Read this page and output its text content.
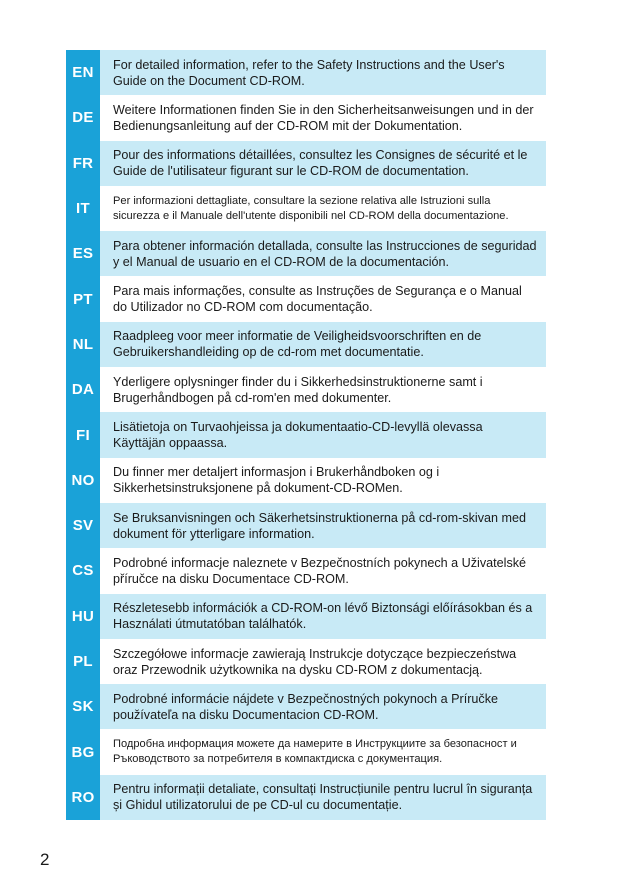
EN	For detailed information, refer to the Safety Instructions and the User's Guide on the Document CD-ROM.
DE	Weitere Informationen finden Sie in den Sicherheitsanweisungen und in der Bedienungsanleitung auf der CD-ROM mit der Dokumentation.
FR	Pour des informations détaillées, consultez les Consignes de sécurité et le Guide de l'utilisateur figurant sur le CD-ROM de documentation.
IT	Per informazioni dettagliate, consultare la sezione relativa alle Istruzioni sulla sicurezza e il Manuale dell'utente disponibili nel CD-ROM della documentazione.
ES	Para obtener información detallada, consulte las Instrucciones de seguridad y el Manual de usuario en el CD-ROM de la documentación.
PT	Para mais informações, consulte as Instruções de Segurança e o Manual do Utilizador no CD-ROM com documentação.
NL	Raadpleeg voor meer informatie de Veiligheidsvoorschriften en de Gebruikershandleiding op de cd-rom met documentatie.
DA	Yderligere oplysninger finder du i Sikkerhedsinstruktionerne samt i Brugerhåndbogen på cd-rom'en med dokumenter.
FI	Lisätietoja on Turvaohjeissa ja dokumentaatio-CD-levyllä olevassa Käyttäjän oppaassa.
NO	Du finner mer detaljert informasjon i Brukerhåndboken og i Sikkerhetsinstruksjonene på dokument-CD-ROMen.
SV	Se Bruksanvisningen och Säkerhetsinstruktionerna på cd-rom-skivan med dokument för ytterligare information.
CS	Podrobné informacje naleznete v Bezpečnostních pokynech a Uživatelské příručce na disku Documentace CD-ROM.
HU	Részletesebb információk a CD-ROM-on lévő Biztonsági előírásokban és a Használati útmutatóban találhatók.
PL	Szczegółowe informacje zawierają Instrukcje dotyczące bezpieczeństwa oraz Przewodnik użytkownika na dysku CD-ROM z dokumentacją.
SK	Podrobné informácie nájdete v Bezpečnostných pokynoch a Príručke používateľa na disku Documentacion CD-ROM.
BG	Подробна информация можете да намерите в Инструкциите за безопасност и Ръководството за потребителя в компактдиска с документация.
RO	Pentru informații detaliate, consultați Instrucțiunile pentru lucrul în siguranța și Ghidul utilizatorului de pe CD-ul cu documentație.
2
